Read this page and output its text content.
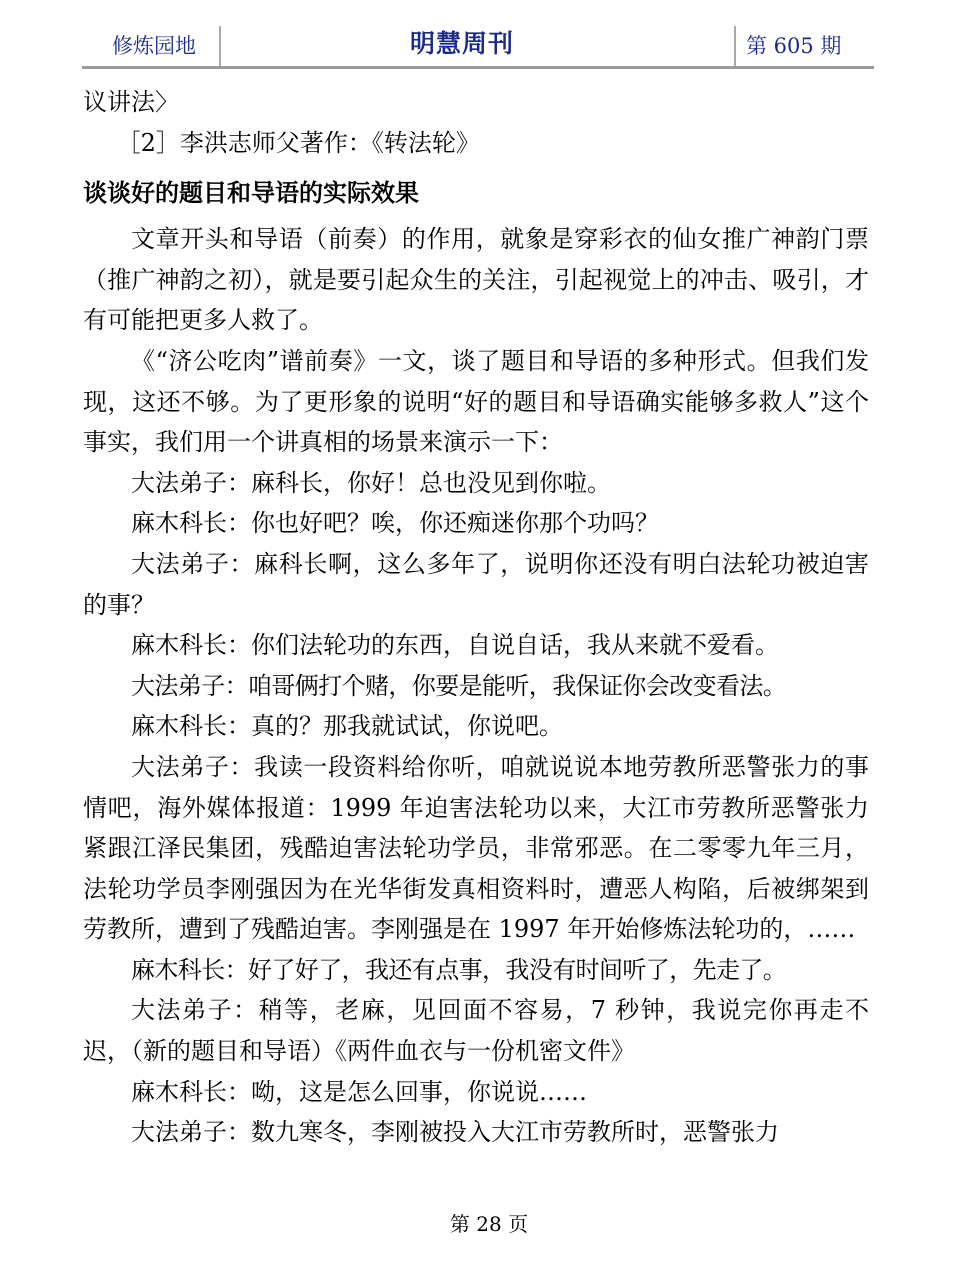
修炼园地	明慧周刊	第 605 期

议讲法〉

［2］李洪志师父著作：《转法轮》

谈谈好的题目和导语的实际效果

文章开头和导语（前奏）的作用，就象是穿彩衣的仙女推广神韵门票（推广神韵之初），就是要引起众生的关注，引起视觉上的冲击、吸引，才有可能把更多人救了。

《“济公吃肉”谱前奏》一文，谈了题目和导语的多种形式。但我们发现，这还不够。为了更形象的说明“好的题目和导语确实能够多救人”这个事实，我们用一个讲真相的场景来演示一下：

大法弟子：麻科长，你好！总也没见到你啦。

麻木科长：你也好吧？唉，你还痴迷你那个功吗？

大法弟子：麻科长啊，这么多年了，说明你还没有明白法轮功被迫害的事？

麻木科长：你们法轮功的东西，自说自话，我从来就不爱看。

大法弟子：咱哥俩打个赌，你要是能听，我保证你会改变看法。

麻木科长：真的？那我就试试，你说吧。

大法弟子：我读一段资料给你听，咱就说说本地劳教所恶警张力的事情吧，海外媒体报道：1999 年迫害法轮功以来，大江市劳教所恶警张力紧跟江泽民集团，残酷迫害法轮功学员，非常邪恶。在二零零九年三月，法轮功学员李刚强因为在光华街发真相资料时，遭恶人构陷，后被绑架到劳教所，遭到了残酷迫害。李刚强是在 1997 年开始修炼法轮功的，……

麻木科长：好了好了，我还有点事，我没有时间听了，先走了。

大法弟子：稍等，老麻，见回面不容易，7 秒钟，我说完你再走不迟，（新的题目和导语）《两件血衣与一份机密文件》

麻木科长：呦，这是怎么回事，你说说……

大法弟子：数九寒冬，李刚被投入大江市劳教所时，恶警张力

第 28 页
